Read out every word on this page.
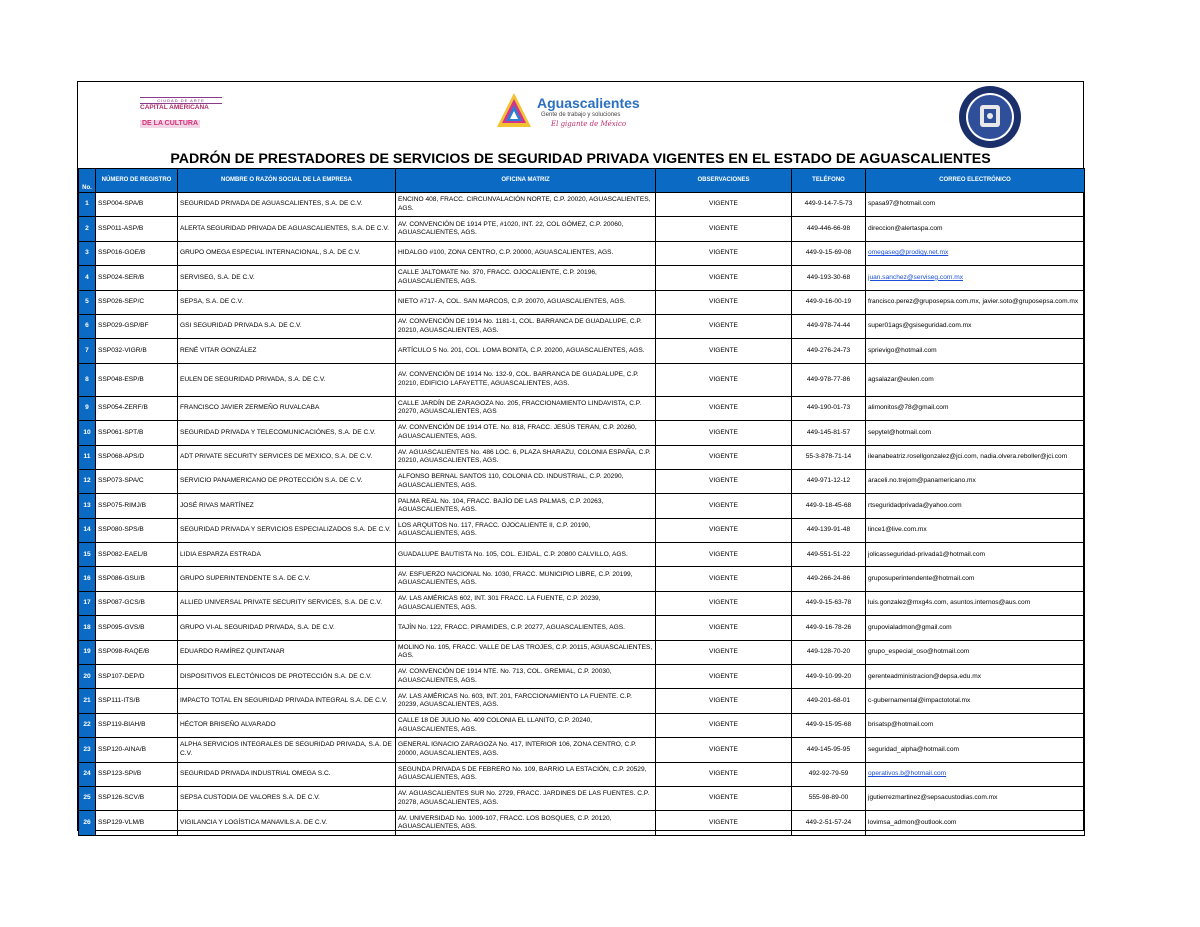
CIUDAD DE ARTE
CAPITAL AMERICANA
DE LA CULTURA
Aguascalientes
Gente de trabajo y soluciones
El gigante de México
PADRÓN DE PRESTADORES DE SERVICIOS DE SEGURIDAD PRIVADA VIGENTES EN EL ESTADO DE AGUASCALIENTES
No.	NÚMERO DE REGISTRO	NOMBRE O RAZÓN SOCIAL DE LA EMPRESA	OFICINA MATRIZ	OBSERVACIONES	TELÉFONO	CORREO ELECTRÓNICO
1	SSP004-SPA/B	SEGURIDAD PRIVADA DE AGUASCALIENTES, S.A. DE C.V.	ENCINO 408, FRACC. CIRCUNVALACIÓN NORTE, C.P. 20020, AGUASCALIENTES, AGS.	VIGENTE	449-9-14-7-5-73	spasa97@hotmail.com
2	SSP011-ASP/B	ALERTA SEGURIDAD PRIVADA DE AGUASCALIENTES, S.A. DE C.V.	AV. CONVENCIÓN DE 1914 PTE, #1020, INT. 22, COL GÓMEZ, C.P. 20060, AGUASCALIENTES, AGS.	VIGENTE	449-446-66-98	direccion@alertaspa.com
3	SSP016-GOE/B	GRUPO OMEGA ESPECIAL INTERNACIONAL, S.A. DE C.V.	HIDALGO #100, ZONA CENTRO, C.P. 20000, AGUASCALIENTES, AGS.	VIGENTE	449-9-15-69-08	omegaseg@prodigy.net.mx
4	SSP024-SER/B	SERVISEG, S.A. DE C.V.	CALLE JALTOMATE No. 370, FRACC. OJOCALIENTE, C.P. 20196, AGUASCALIENTES, AGS.	VIGENTE	449-193-30-68	juan.sanchez@serviseg.com.mx
5	SSP026-SEP/C	SEPSA, S.A. DE C.V.	NIETO #717- A, COL. SAN MARCOS, C.P. 20070, AGUASCALIENTES, AGS.	VIGENTE	449-9-16-00-19	francisco.perez@gruposepsa.com.mx, javier.soto@gruposepsa.com.mx
6	SSP029-GSP/BF	GSI SEGURIDAD PRIVADA S.A. DE C.V.	AV. CONVENCIÓN DE 1914 No. 1181-1, COL. BARRANCA DE GUADALUPE, C.P. 20210, AGUASCALIENTES, AGS.	VIGENTE	449-978-74-44	super01ags@gsiseguridad.com.mx
7	SSP032-VIGR/B	RENÉ VITAR GONZÁLEZ	ARTÍCULO 5 No. 201, COL. LOMA BONITA, C.P. 20200, AGUASCALIENTES, AGS.	VIGENTE	449-276-24-73	sprievigo@hotmail.com
8	SSP048-ESP/B	EULEN DE SEGURIDAD PRIVADA, S.A. DE C.V.	AV. CONVENCIÓN DE 1914 No. 132-9, COL. BARRANCA DE GUADALUPE, C.P. 20210, EDIFICIO LAFAYETTE, AGUASCALIENTES, AGS.	VIGENTE	449-978-77-86	agsalazar@eulen.com
9	SSP054-ZERF/B	FRANCISCO JAVIER ZERMEÑO RUVALCABA	CALLE JARDÍN DE ZARAGOZA No. 205, FRACCIONAMIENTO LINDAVISTA, C.P. 20270, AGUASCALIENTES, AGS	VIGENTE	449-190-01-73	alimonitos@78@gmail.com
10	SSP061-SPT/B	SEGURIDAD PRIVADA Y TELECOMUNICACIÓNES, S.A. DE C.V.	AV. CONVENCIÓN DE 1914 OTE. No. 818, FRACC. JESÚS TERAN, C.P. 20260, AGUASCALIENTES, AGS.	VIGENTE	449-145-81-57	sepytel@hotmail.com
11	SSP068-APS/D	ADT PRIVATE SECURITY SERVICES DE MEXICO, S.A. DE C.V.	AV. AGUASCALIENTES No. 486 LOC. 6, PLAZA SHARAZU, COLONIA ESPAÑA, C.P. 20210, AGUASCALIENTES, AGS.	VIGENTE	55-3-878-71-14	ileanabeatriz.rosellgonzalez@jci.com, nadia.olvera.reboller@jci.com
12	SSP073-SPA/C	SERVICIO PANAMERICANO DE PROTECCIÓN S.A. DE C.V.	ALFONSO BERNAL SANTOS 110, COLONIA CD. INDUSTRIAL, C.P. 20290, AGUASCALIENTES, AGS.	VIGENTE	449-971-12-12	araceli.no.trejom@panamericano.mx
13	SSP075-RIMJ/B	JOSÉ RIVAS MARTÍNEZ	PALMA REAL No. 104, FRACC. BAJÍO DE LAS PALMAS, C.P. 20263, AGUASCALIENTES, AGS.	VIGENTE	449-9-18-45-68	rtseguridadprivada@yahoo.com
14	SSP080-SPS/B	SEGURIDAD PRIVADA Y SERVICIOS ESPECIALIZADOS S.A. DE C.V.	LOS ARQUITOS No. 117, FRACC. OJOCALIENTE II, C.P. 20190, AGUASCALIENTES, AGS.	VIGENTE	449-139-91-48	lince1@live.com.mx
15	SSP082-EAEL/B	LIDIA ESPARZA ESTRADA	GUADALUPE BAUTISTA No. 105, COL. EJIDAL, C.P. 20800 CALVILLO, AGS.	VIGENTE	449-551-51-22	jolicasseguridad-privada1@hotmail.com
16	SSP086-GSU/B	GRUPO SUPERINTENDENTE S.A. DE C.V.	AV. ESFUERZO NACIONAL No. 1030, FRACC. MUNICIPIO LIBRE, C.P. 20199, AGUASCALIENTES, AGS.	VIGENTE	449-266-24-86	gruposuperintendente@hotmail.com
17	SSP087-GCS/B	ALLIED UNIVERSAL PRIVATE SECURITY SERVICES, S.A. DE C.V.	AV. LAS AMÉRICAS 602, INT. 301 FRACC. LA FUENTE, C.P. 20239, AGUASCALIENTES, AGS.	VIGENTE	449-9-15-63-78	luis.gonzalez@mxg4s.com, asuntos.internos@aus.com
18	SSP095-GVS/B	GRUPO VI-AL SEGURIDAD PRIVADA, S.A. DE C.V.	TAJÍN No. 122, FRACC. PIRAMIDES, C.P. 20277, AGUASCALIENTES, AGS.	VIGENTE	449-9-16-78-26	grupovialadmon@gmail.com
19	SSP098-RAQE/B	EDUARDO RAMÍREZ QUINTANAR	MOLINO No. 105, FRACC. VALLE DE LAS TROJES, C.P. 20115, AGUASCALIENTES, AGS.	VIGENTE	449-128-70-20	grupo_especial_oso@hotmail.com
20	SSP107-DEP/D	DISPOSITIVOS ELECTÓNICOS DE PROTECCIÓN S.A. DE C.V.	AV. CONVENCIÓN DE 1914 NTE. No. 713, COL. GREMIAL, C.P. 20030, AGUASCALIENTES, AGS.	VIGENTE	449-9-10-99-20	gerenteadministracion@depsa.edu.mx
21	SSP111-ITS/B	IMPACTO TOTAL EN SEGURIDAD PRIVADA INTEGRAL S.A. DE C.V.	AV. LAS AMÉRICAS No. 603, INT. 201, FARCCIONAMIENTO LA FUENTE. C.P. 20239, AGUASCALIENTES, AGS.	VIGENTE	449-201-68-01	c-gubernamental@impactototal.mx
22	SSP119-BIAH/B	HÉCTOR BRISEÑO ALVARADO	CALLE 18 DE JULIO No. 409 COLONIA EL LLANITO, C.P. 20240, AGUASCALIENTES, AGS.	VIGENTE	449-9-15-95-68	brisatsp@hotmail.com
23	SSP120-AINA/B	ALPHA SERVICIOS INTEGRALES DE SEGURIDAD PRIVADA, S.A. DE C.V.	GENERAL IGNACIO ZARAGOZA No. 417, INTERIOR 106, ZONA CENTRO, C.P. 20000, AGUASCALIENTES, AGS.	VIGENTE	449-145-95-95	seguridad_alpha@hotmail.com
24	SSP123-SPI/B	SEGURIDAD PRIVADA INDUSTRIAL OMEGA S.C.	SEGUNDA PRIVADA 5 DE FEBRERO No. 109, BARRIO LA ESTACIÓN, C.P. 20529, AGUASCALIENTES, AGS.	VIGENTE	492-92-79-59	operativos.b@hotmail.com
25	SSP126-SCV/B	SEPSA CUSTODIA DE VALORES S.A. DE C.V.	AV. AGUASCALIENTES SUR No. 2729, FRACC. JARDINES DE LAS FUENTES. C.P. 20278, AGUASCALIENTES, AGS.	VIGENTE	555-98-89-00	jgutierrezmartinez@sepsacustodias.com.mx
26	SSP129-VLM/B	VIGILANCIA Y LOGÍSTICA MANAVILS.A. DE C.V.	AV. UNIVERSIDAD No. 1009-107, FRACC. LOS BOSQUES, C.P. 20120, AGUASCALIENTES, AGS.	VIGENTE	449-2-51-57-24	lovimsa_admon@outlook.com
